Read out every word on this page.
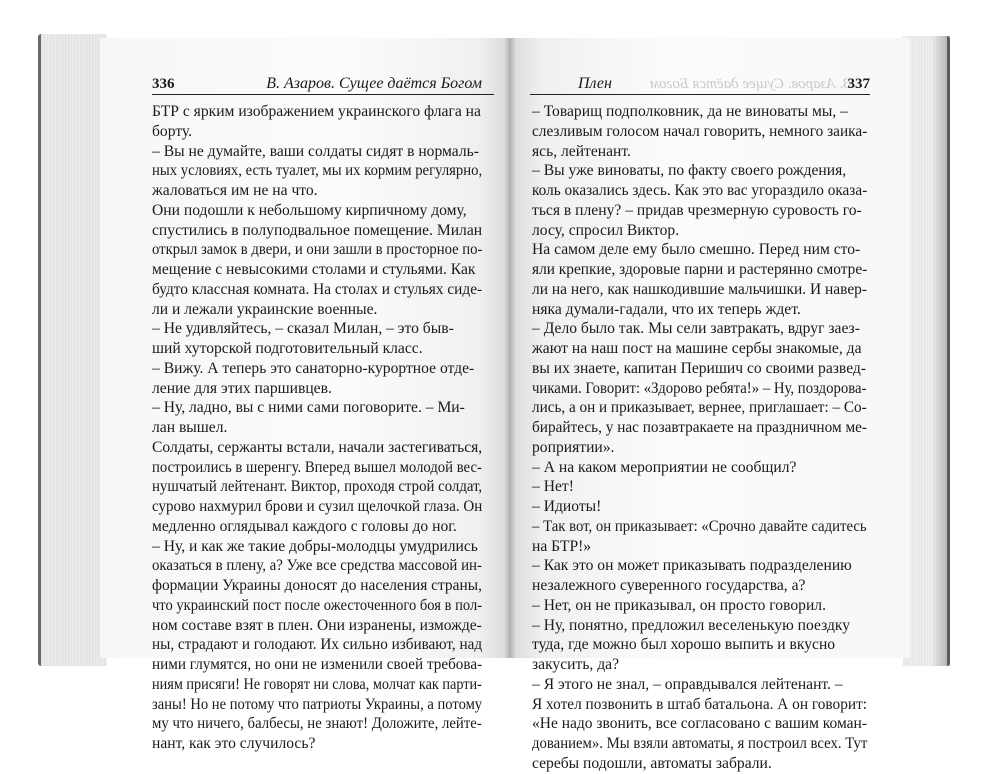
336	В. Азаров. Сущее даётся Богом
БТР с ярким изображением украинского флага на
борту.
– Вы не думайте, ваши солдаты сидят в нормаль-
ных условиях, есть туалет, мы их кормим регулярно,
жаловаться им не на что.
Они подошли к небольшому кирпичному дому,
спустились в полуподвальное помещение. Милан
открыл замок в двери, и они зашли в просторное по-
мещение с невысокими столами и стульями. Как
будто классная комната. На столах и стульях сиде-
ли и лежали украинские военные.
– Не удивляйтесь, – сказал Милан, – это быв-
ший хуторской подготовительный класс.
– Вижу. А теперь это санаторно-курортное отде-
ление для этих паршивцев.
– Ну, ладно, вы с ними сами поговорите. – Ми-
лан вышел.
Солдаты, сержанты встали, начали застегиваться,
построились в шеренгу. Вперед вышел молодой вес-
нушчатый лейтенант. Виктор, проходя строй солдат,
сурово нахмурил брови и сузил щелочкой глаза. Он
медленно оглядывал каждого с головы до ног.
– Ну, и как же такие добры-молодцы умудрились
оказаться в плену, а? Уже все средства массовой ин-
формации Украины доносят до населения страны,
что украинский пост после ожесточенного боя в пол-
ном составе взят в плен. Они изранены, изможде-
ны, страдают и голодают. Их сильно избивают, над
ними глумятся, но они не изменили своей требова-
ниям присяги! Не говорят ни слова, молчат как парти-
заны! Но не потому что патриоты Украины, а потому
му что ничего, балбесы, не знают! Доложите, лейте-
нант, как это случилось?
В. Азаров. Сущее даётся Богом
Плен	337
– Товарищ подполковник, да не виноваты мы, –
слезливым голосом начал говорить, немного заика-
ясь, лейтенант.
– Вы уже виноваты, по факту своего рождения,
коль оказались здесь. Как это вас угораздило оказа-
ться в плену? – придав чрезмерную суровость го-
лосу, спросил Виктор.
На самом деле ему было смешно. Перед ним сто-
яли крепкие, здоровые парни и растерянно смотре-
ли на него, как нашкодившие мальчишки. И навер-
няка думали-гадали, что их теперь ждет.
– Дело было так. Мы сели завтракать, вдруг заез-
жают на наш пост на машине сербы знакомые, да
вы их знаете, капитан Перишич со своими развед-
чиками. Говорит: «Здорово ребята!» – Ну, поздорова-
лись, а он и приказывает, вернее, приглашает: – Со-
бирайтесь, у нас позавтракаете на праздничном ме-
роприятии».
– А на каком мероприятии не сообщил?
– Нет!
– Идиоты!
– Так вот, он приказывает: «Срочно давайте садитесь
на БТР!»
– Как это он может приказывать подразделению
незалежного суверенного государства, а?
– Нет, он не приказывал, он просто говорил.
– Ну, понятно, предложил веселенькую поездку
туда, где можно был хорошо выпить и вкусно
закусить, да?
– Я этого не знал, – оправдывался лейтенант. –
Я хотел позвонить в штаб батальона. А он говорит:
«Не надо звонить, все согласовано с вашим коман-
дованием». Мы взяли автоматы, я построил всех. Тут
серебы подошли, автоматы забрали.
